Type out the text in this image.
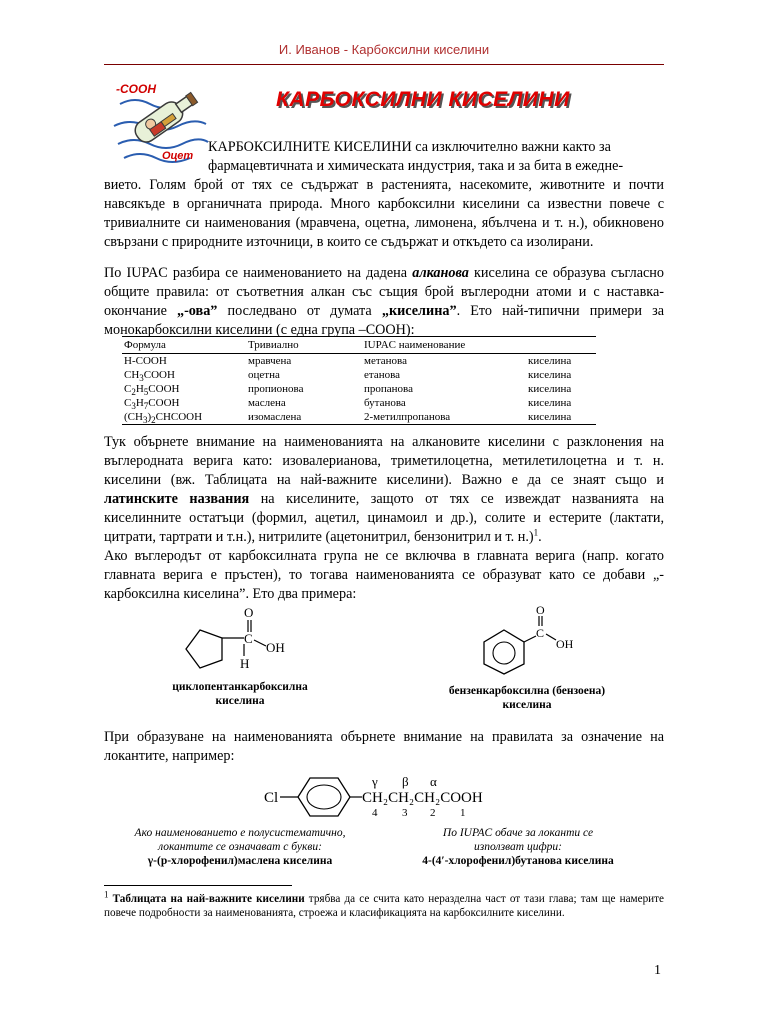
И. Иванов - Карбоксилни киселини
-COOH
Оцет
КАРБОКСИЛНИ КИСЕЛИНИ

КАРБОКСИЛНИТЕ КИСЕЛИНИ са изключително важни както за
фармацевтичната и химическата индустрия, така и за бита в ежедне-

вието. Голям брой от тях се съдържат в растенията, насекомите, животните и почти навсякъде в органичната природа. Много карбоксилни киселини са известни повече с тривиалните си наименования (мравчена, оцетна, лимонена, ябълчена и т. н.), обикновено свързани с природните източници, в които се съдържат и откъдето са изолирани.

По IUPAC разбира се наименованието на дадена алканова киселина се образува съгласно общите правила: от съответния алкан със същия брой въглеродни атоми и с наставка-окончание „-ова” последвано от думата „киселина”. Ето най-типични примери за монокарбоксилни киселини (с една група –COOH):

Формула	Тривиално	IUPAC наименование	
H-COOH	мравчена	метанова	киселина
$CH_3COOH$	оцетна	етанова	киселина
$C_2H_5COOH$	пропионова	пропанова	киселина
$C_3H_7COOH$	маслена	бутанова	киселина
$(CH_3)_2CHCOOH$	изомаслена	2-метилпропанова	киселина

Тук обърнете внимание на наименованията на алкановите киселини с разклонения на въглеродната верига като: изовалерианова, триметилоцетна, метилетилоцетна и т. н. киселини (вж. Таблицата на най-важните киселини). Важно е да се знаят също и латинските названия на киселините, защото от тях се извеждат названията на киселинните остатъци (формил, ацетил, цинамоил и др.), солите и естерите (лактати, цитрати, тартрати и т.н.), нитрилите (ацетонитрил, бензонитрил и т. н.)$^1$.

Ако въглеродът от карбоксилната група не се включва в главната верига (напр. когато главната верига е пръстен), то тогава наименованията се образуват като се добави „-карбоксилна киселина”. Ето два примера:

O
C
OH
H
циклопентанкарбоксилна
киселина
O
C
OH
бензенкарбоксилна (бензоена)
киселина

При образуване на наименованията обърнете внимание на правилата за означение на локантите, например:

Cl	CH₂CH₂CH₂COOH
γ β α
4 3 2 1
Ако наименованието е полусистематично,
локантите се означават с букви:
γ-(p-хлорофенил)маслена киселина
По IUPAC обаче за локанти се
използват цифри:
4-(4′-хлорофенил)бутанова киселина
$^1$ Таблицата на най-важните киселини трябва да се счита като неразделна част от тази глава; там ще намерите повече подробности за наименованията, строежа и класификацията на карбоксилните киселини.
1
